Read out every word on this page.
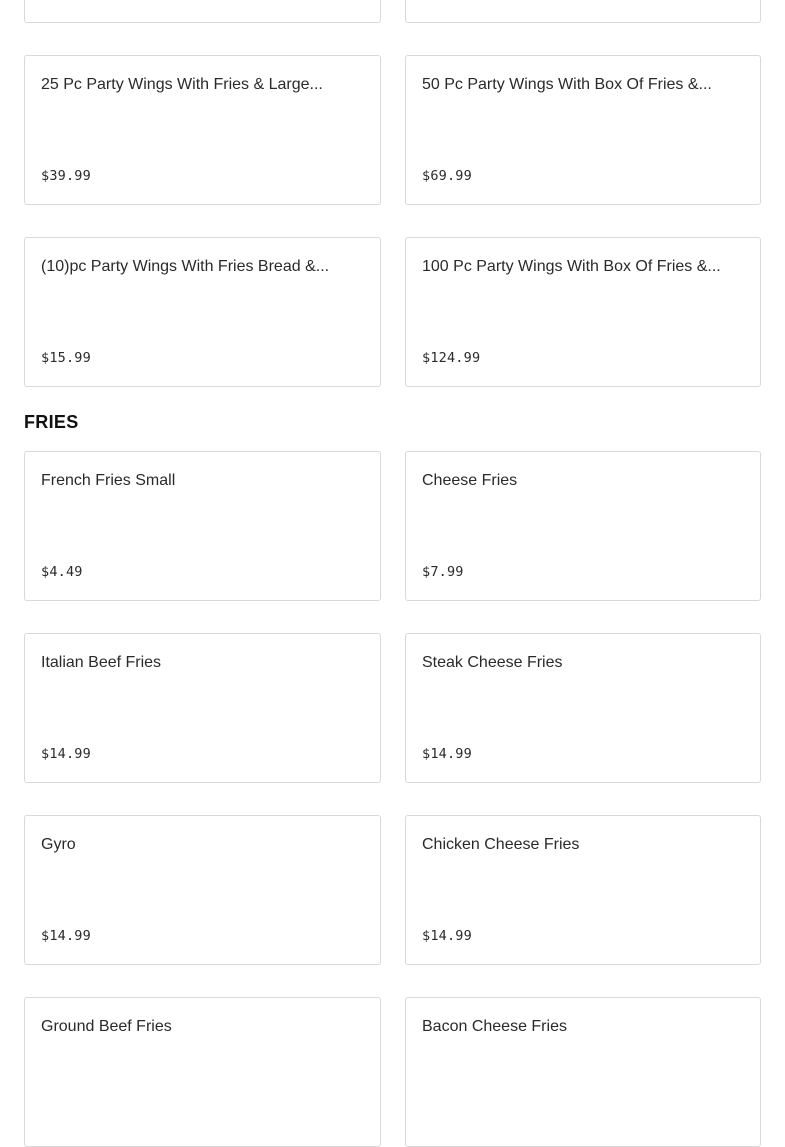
25 Pc Party Wings With Fries & Large...
$39.99
50 Pc Party Wings With Box Of Fries &...
$69.99
(10)pc Party Wings With Fries Bread &...
$15.99
100 Pc Party Wings With Box Of Fries &...
$124.99
FRIES
French Fries Small
$4.49
Cheese Fries
$7.99
Italian Beef Fries
$14.99
Steak Cheese Fries
$14.99
Gyro
$14.99
Chicken Cheese Fries
$14.99
Ground Beef Fries	Bacon Cheese Fries
